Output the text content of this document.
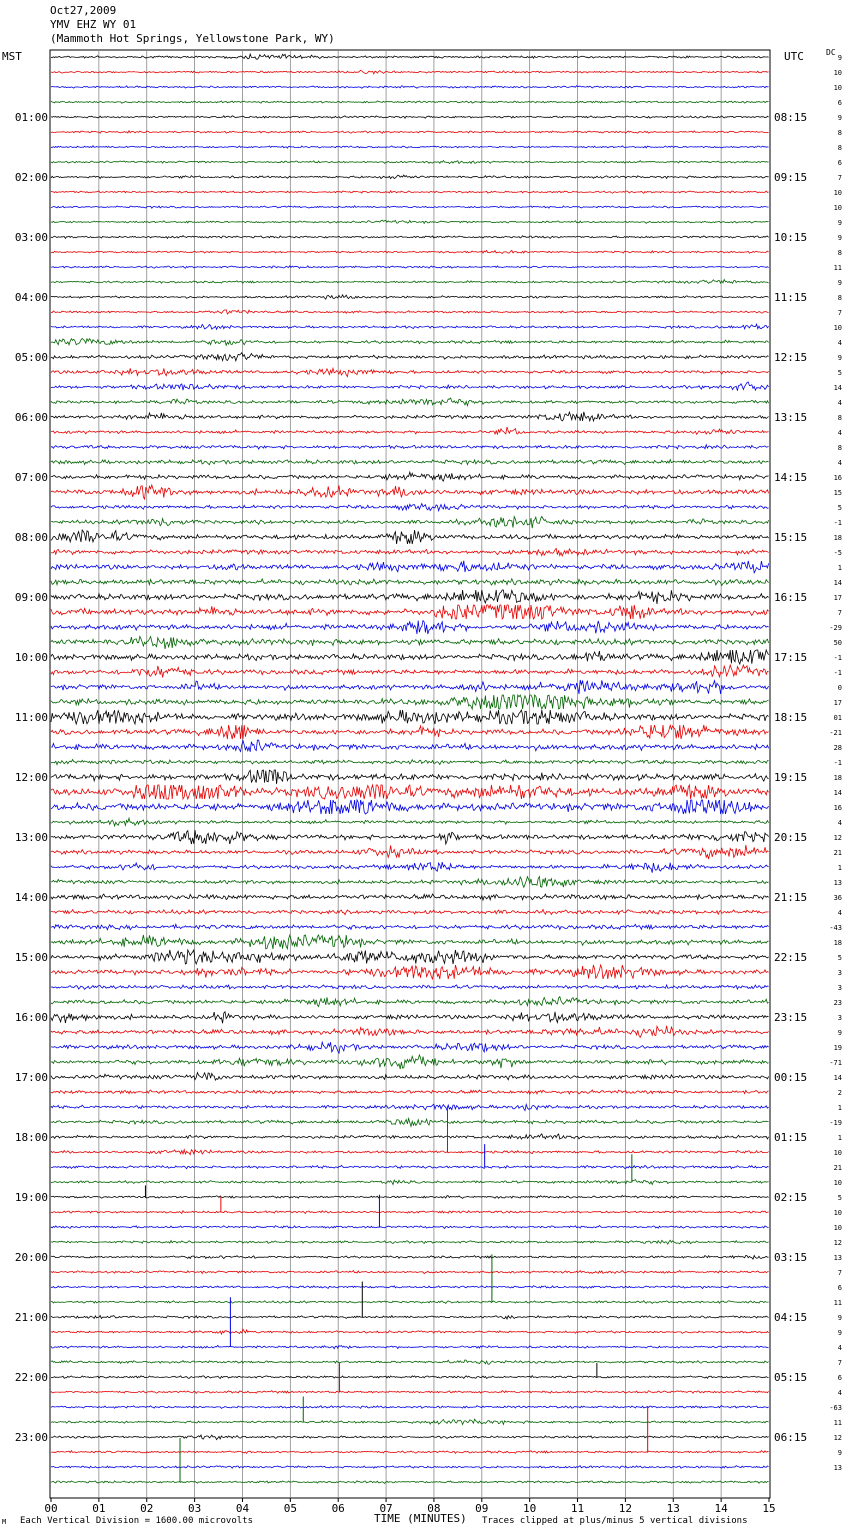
Oct27,2009
YMV EHZ WY 01
(Mammoth Hot Springs, Yellowstone Park, WY)
MST	UTC	DC
00	01	02	03	04	05	06	07	08	09	10	11	12	13	14	15
9
10
10
6
9
8
8
6
7
10
10
9
9
8
11
9
8
7
10
4
9
5
14
4
8
4
8
4
16
15
5
-1
18
-5
1
14
17
7
-29
50
-1
-1
0
17
01
-21
28
-1
18
14
16
4
12
21
1
13
36
4
-43
18
5
3
3
23
3
9
19
-71
14
2
1
-19
1
10
21
10
5
10
10
12
13
7
6
11
9
9
4
7
6
4
-63
11
12
9
13
01:00
02:00
03:00
04:00
05:00
06:00
07:00
08:00
09:00
10:00
11:00
12:00
13:00
14:00
15:00
16:00
17:00
18:00
19:00
20:00
21:00
22:00
23:00
08:15
09:15
10:15
11:15
12:15
13:15
14:15
15:15
16:15
17:15
18:15
19:15
20:15
21:15
22:15
23:15
00:15
01:15
02:15
03:15
04:15
05:15
06:15
TIME (MINUTES)
Each Vertical Division = 1600.00 microvolts	Traces clipped at plus/minus 5 vertical divisions
M
